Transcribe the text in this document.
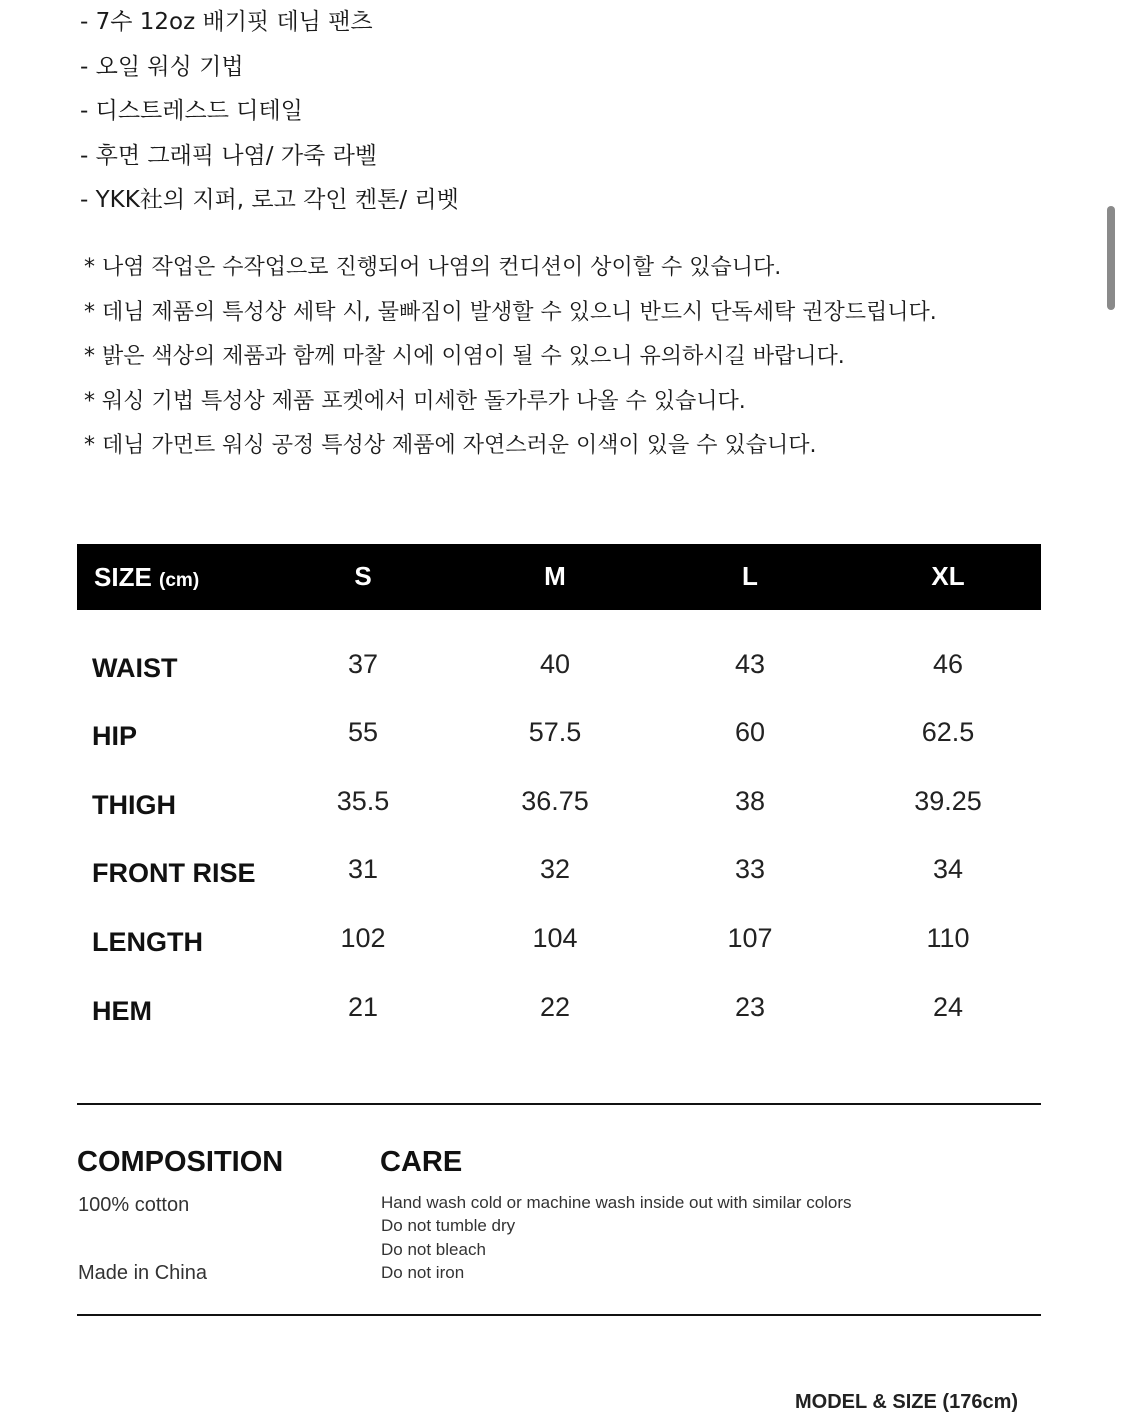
- 7수 12oz 배기핏 데님 팬츠
- 오일 워싱 기법
- 디스트레스드 디테일
- 후면 그래픽 나염/ 가죽 라벨
- YKK社의 지퍼, 로고 각인 켄톤/ 리벳
* 나염 작업은 수작업으로 진행되어 나염의 컨디션이 상이할 수 있습니다.
* 데님 제품의 특성상 세탁 시, 물빠짐이 발생할 수 있으니 반드시 단독세탁 권장드립니다.
* 밝은 색상의 제품과 함께 마찰 시에 이염이 될 수 있으니 유의하시길 바랍니다.
* 워싱 기법 특성상 제품 포켓에서 미세한 돌가루가 나올 수 있습니다.
* 데님 가먼트 워싱 공정 특성상 제품에 자연스러운 이색이 있을 수 있습니다.
SIZE (cm)	S	M	L	XL
WAIST	37	40	43	46
HIP	55	57.5	60	62.5
THIGH	35.5	36.75	38	39.25
FRONT RISE	31	32	33	34
LENGTH	102	104	107	110
HEM	21	22	23	24
COMPOSITION
100% cotton
Made in China
CARE
Hand wash cold or machine wash inside out with similar colors
Do not tumble dry
Do not bleach
Do not iron
MODEL & SIZE (176cm)
